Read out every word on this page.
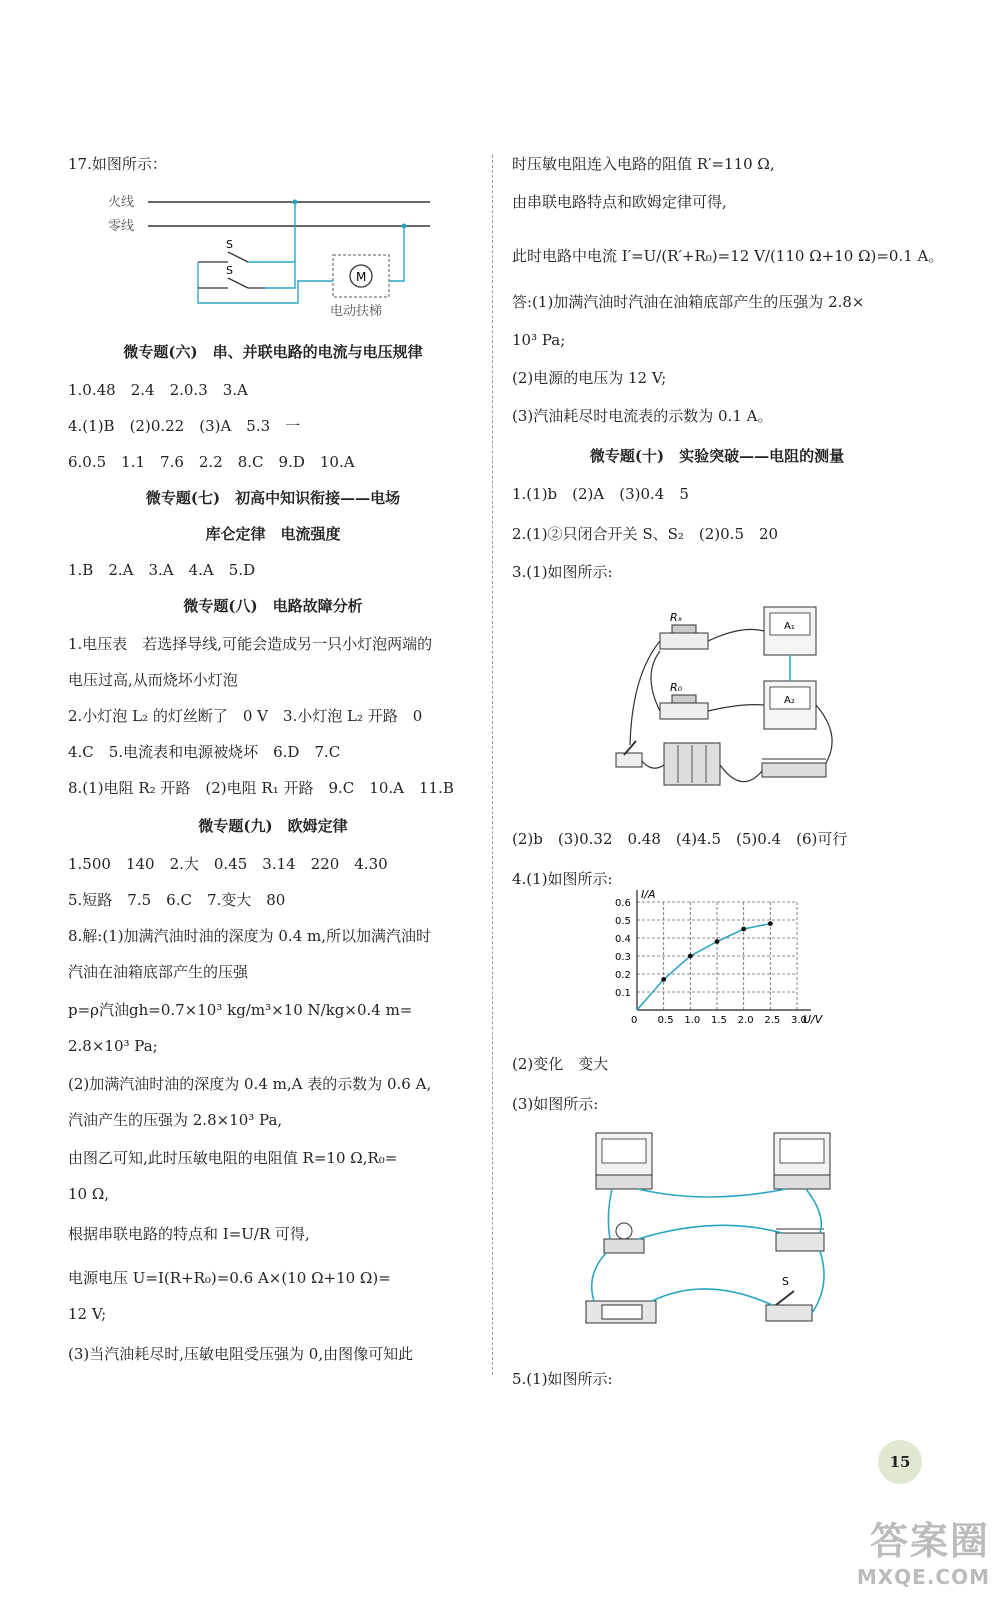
17.如图所示：
火线
零线
S
S	M
电动扶梯
微专题(六)　串、并联电路的电流与电压规律
1.0.48　2.4　2.0.3　3.A
4.(1)B　(2)0.22　(3)A　5.3　一
6.0.5　1.1　7.6　2.2　8.C　9.D　10.A
微专题(七)　初高中知识衔接——电场
库仑定律　电流强度
1.B　2.A　3.A　4.A　5.D
微专题(八)　电路故障分析
1.电压表　若选择导线,可能会造成另一只小灯泡两端的
电压过高,从而烧坏小灯泡
2.小灯泡 L₂ 的灯丝断了　0 V　3.小灯泡 L₂ 开路　0
4.C　5.电流表和电源被烧坏　6.D　7.C
8.(1)电阻 R₂ 开路　(2)电阻 R₁ 开路　9.C　10.A　11.B
微专题(九)　欧姆定律
1.500　140　2.大　0.45　3.14　220　4.30
5.短路　7.5　6.C　7.变大　80
8.解:(1)加满汽油时油的深度为 0.4 m,所以加满汽油时
汽油在油箱底部产生的压强
p=ρ汽油gh=0.7×10³ kg/m³×10 N/kg×0.4 m=
2.8×10³ Pa;
(2)加满汽油时油的深度为 0.4 m,A 表的示数为 0.6 A,
汽油产生的压强为 2.8×10³ Pa,
由图乙可知,此时压敏电阻的电阻值 R=10 Ω,R₀=
10 Ω,
根据串联电路的特点和 I=U/R 可得,
电源电压 U=I(R+R₀)=0.6 A×(10 Ω+10 Ω)=
12 V;
(3)当汽油耗尽时,压敏电阻受压强为 0,由图像可知此
时压敏电阻连入电路的阻值 R′=110 Ω,
由串联电路特点和欧姆定律可得,
此时电路中电流 I′=U/(R′+R₀)=12 V/(110 Ω+10 Ω)=0.1 A。
答:(1)加满汽油时汽油在油箱底部产生的压强为 2.8×
10³ Pa;
(2)电源的电压为 12 V;
(3)汽油耗尽时电流表的示数为 0.1 A。
微专题(十)　实验突破——电阻的测量
1.(1)b　(2)A　(3)0.4　5
2.(1)②只闭合开关 S、S₂　(2)0.5　20
3.(1)如图所示:
Rₓ
R₀
A₁
A₂
(2)b　(3)0.32　0.48　(4)4.5　(5)0.4　(6)可行
4.(1)如图所示:
0 0.5 1.0 1.5 2.0 2.5 3.0
0.1
0.2
0.3
0.4
0.5
0.6
I/A
U/V
(2)变化　变大
(3)如图所示:
S
5.(1)如图所示:
15
答案圈
MXQE.COM
